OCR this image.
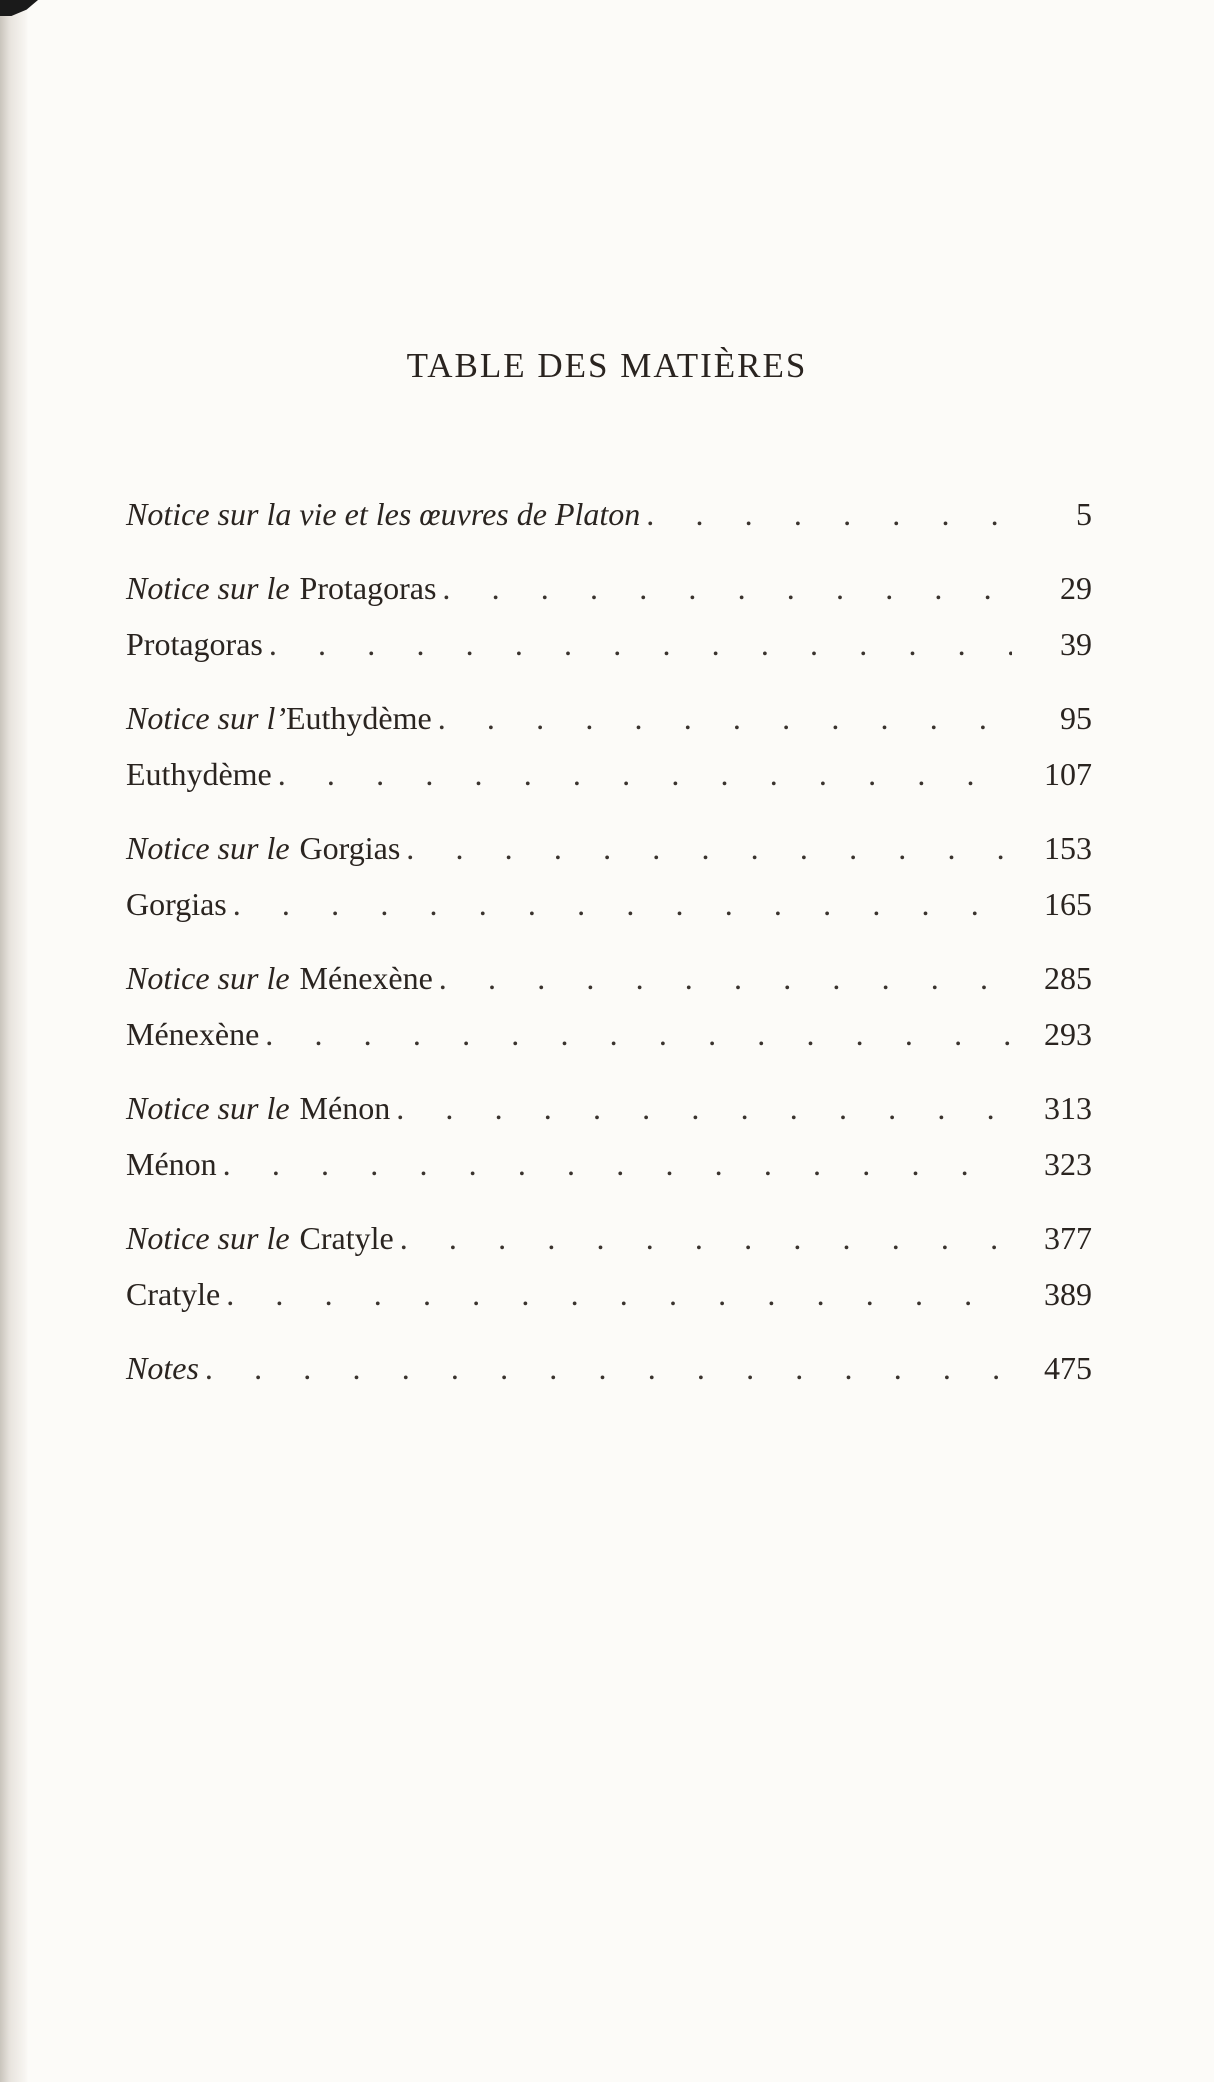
TABLE DES MATIÈRES
Notice sur la vie et les œuvres de Platon . . .	5
Notice sur le Protagoras . . .	29
Protagoras . . .	39
Notice sur l’Euthydème . . .	95
Euthydème . . .	107
Notice sur le Gorgias . . .	153
Gorgias . . .	165
Notice sur le Ménexène . . .	285
Ménexène . . .	293
Notice sur le Ménon . . .	313
Ménon . . .	323
Notice sur le Cratyle . . .	377
Cratyle . . .	389
Notes . . .	475
